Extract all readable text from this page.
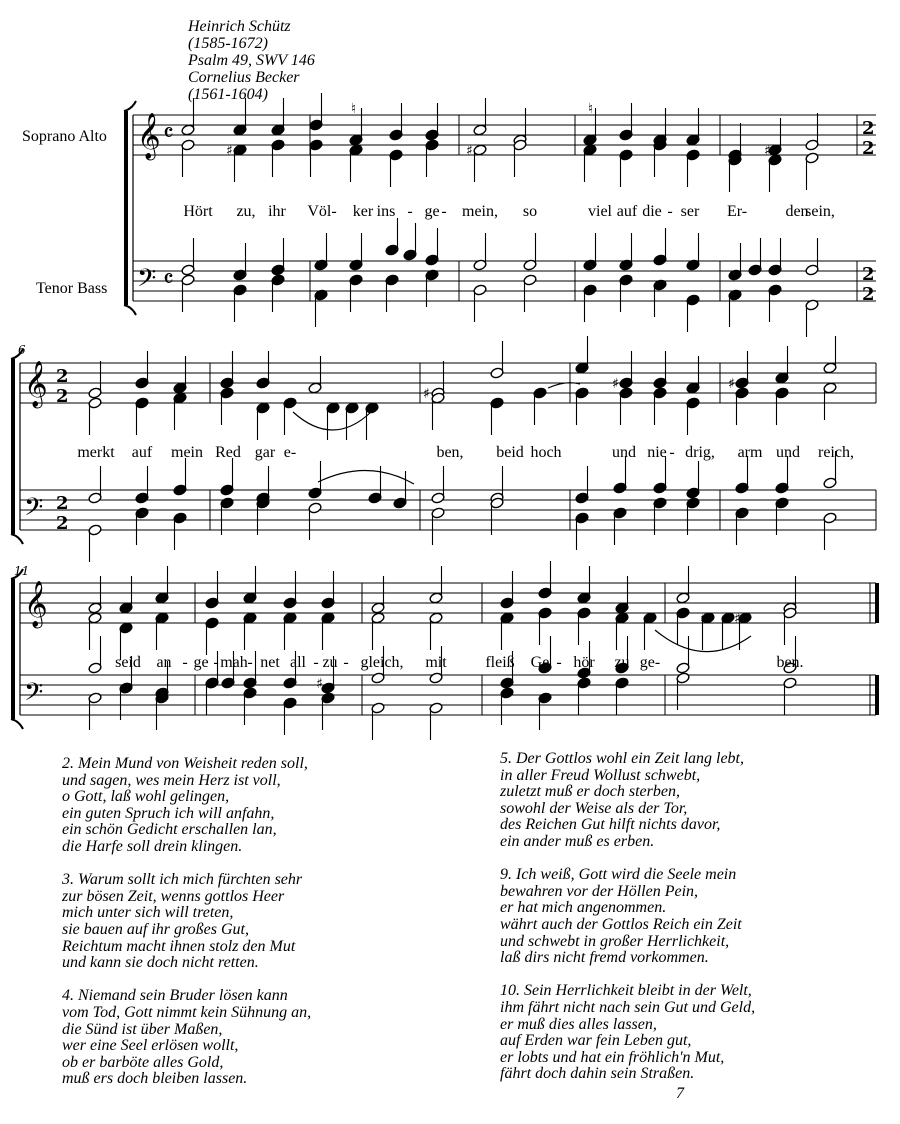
Heinrich Schütz
(1585-1672)
Psalm 49, SWV 146
Cornelius Becker
(1561-1604)
Soprano Alto
Tenor Bass
𝄞 𝄴
𝄢 𝄴
2
2
2
2
𝄞 2
2
𝄢 2
2
𝄞
𝄢
♯	♯	♯
♮	♮
♯
♯	♯
♯ ♯
♯
6
11
Hört zu, ihr Völ- ker ins - ge - mein, so	viel auf die - ser Er- den
sein,
merkt auf mein Red gar e-	ben, beid hoch	und nie - drig, arm und reich,
seid an - ge - mah - net all - zu - gleich, mit fleiß Ge - hör zu ge-	ben.
2. Mein Mund von Weisheit reden soll,
und sagen, wes mein Herz ist voll,
o Gott, laß wohl gelingen,
ein guten Spruch ich will anfahn,
ein schön Gedicht erschallen lan,
die Harfe soll drein klingen.
3. Warum sollt ich mich fürchten sehr
zur bösen Zeit, wenns gottlos Heer
mich unter sich will treten,
sie bauen auf ihr großes Gut,
Reichtum macht ihnen stolz den Mut
und kann sie doch nicht retten.
4. Niemand sein Bruder lösen kann
vom Tod, Gott nimmt kein Sühnung an,
die Sünd ist über Maßen,
wer eine Seel erlösen wollt,
ob er barböte alles Gold,
muß ers doch bleiben lassen.
5. Der Gottlos wohl ein Zeit lang lebt,
in aller Freud Wollust schwebt,
zuletzt muß er doch sterben,
sowohl der Weise als der Tor,
des Reichen Gut hilft nichts davor,
ein ander muß es erben.
9. Ich weiß, Gott wird die Seele mein
bewahren vor der Höllen Pein,
er hat mich angenommen.
währt auch der Gottlos Reich ein Zeit
und schwebt in großer Herrlichkeit,
laß dirs nicht fremd vorkommen.
10. Sein Herrlichkeit bleibt in der Welt,
ihm fährt nicht nach sein Gut und Geld,
er muß dies alles lassen,
auf Erden war fein Leben gut,
er lobts und hat ein fröhlich'n Mut,
fährt doch dahin sein Straßen.
7
